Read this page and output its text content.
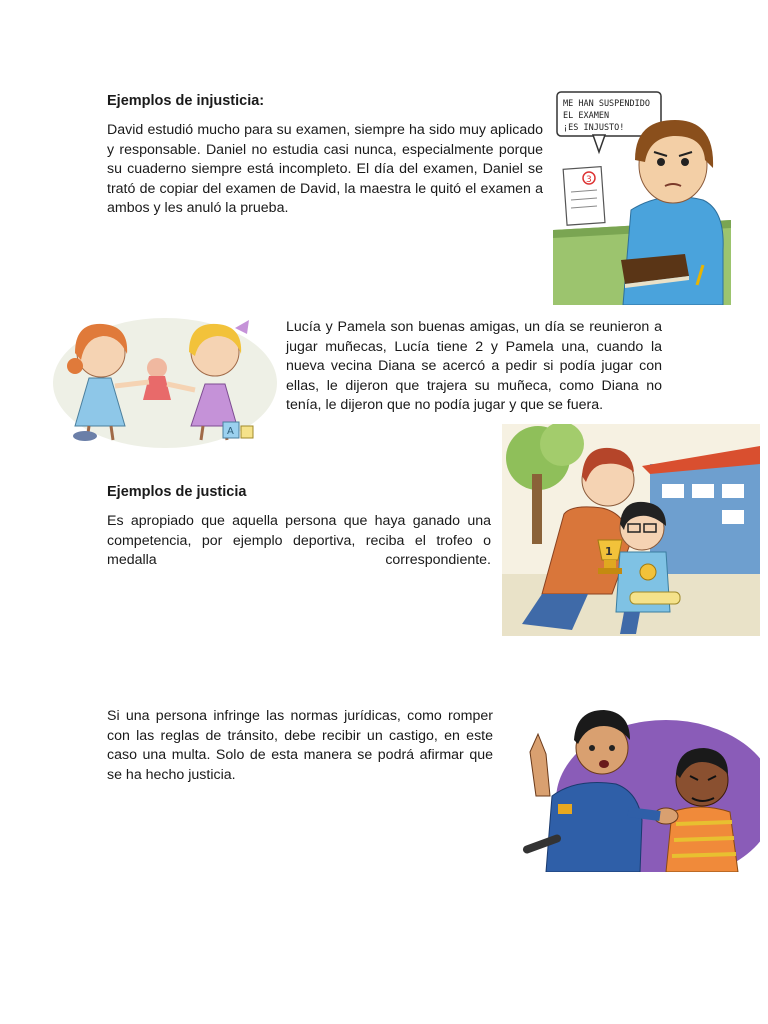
Ejemplos de injusticia:

David estudió mucho para su examen, siempre ha sido muy aplicado y responsable. Daniel no estudia casi nunca, especialmente porque su cuaderno siempre está incompleto. El día del examen, Daniel se trató de copiar del examen de David, la maestra le quitó el examen a ambos y les anuló la prueba.

ME HAN SUSPENDIDO
EL EXAMEN
¡ES INJUSTO!
3
A

Lucía y Pamela son buenas amigas, un día se reunieron a jugar muñecas, Lucía tiene 2 y Pamela una, cuando la nueva vecina Diana se acercó a pedir si podía jugar con ellas, le dijeron que trajera su muñeca, como Diana no tenía, le dijeron que no podía jugar y que se fuera.

Ejemplos de justicia

Es apropiado que aquella persona que haya ganado una competencia, por ejemplo deportiva, reciba el trofeo o medalla correspondiente.

1

Si una persona infringe las normas jurídicas, como romper con las reglas de tránsito, debe recibir un castigo, en este caso una multa. Solo de esta manera se podrá afirmar que se ha hecho justicia.
